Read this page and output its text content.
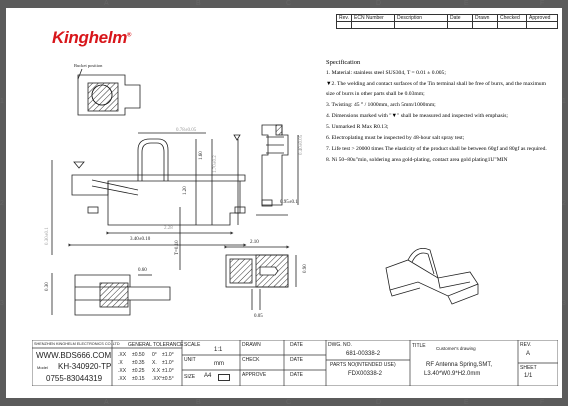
A	B	C	D	E	F
A	B	C	D	E	F
1
2
3
1
2
3
Rev.	ECN Number	Description	Date	Drawn	Checked	Approved

Kinghelm®
Bucket position
0.78±0.05
1.60
1.20
2.28
3.40±0.10
T=0.10
0.30±0.1
1.70±0.2
0.95±0.1
0.40±0.05
2.10
0.90
0.05
0.60
0.30
Specification
1. Material: stainless steel SUS304, T = 0.01 ± 0.005;
▼2. The welding and contact surfaces of the Tin terminal shall be free of burrs, and the maximum
size of burrs in other parts shall be 0.03mm;
3. Twisting: 45 ° / 1000mm, arch 5mm/1000mm;
4. Dimensions marked with "▼" shall be measured and inspected with emphasis;
5. Unmarked R Max R0.13;
6. Electroplating must be inspected by 48-hour salt spray test;
7. Life test > 20000 times The elasticity of the product shall be between 60gf and 80gf as required.
8. Ni 50~80u"min, soldering area gold-plating, contact area gold plating1U"MIN
SHENZHEN KINGHELM ELECTRONICS CO.,LTD
WWW.BDS666.COM
Model KH-340920-TP
0755-83044319
GENERAL TOLERANCE
.XX ±0.50 0° ±1.0°
.X ±0.35 X. ±1.0°
.XX ±0.25 X.X ±1.0°
.XX ±0.15 .XX° ±0.5°
SCALE
1:1
UNIT
mm
SIZE A4
DRAWN
CHECK
APPROVE
DATE
DATE
DATE
DWG. NO.
681-00338-2
PARTS NO(INTENDED USE)
FDX00338-2
TITLE Customer's drawing
RF Antenna Spring,SMT,
L3.40*W0.9*H2.0mm
REV.
A
SHEET
1/1
